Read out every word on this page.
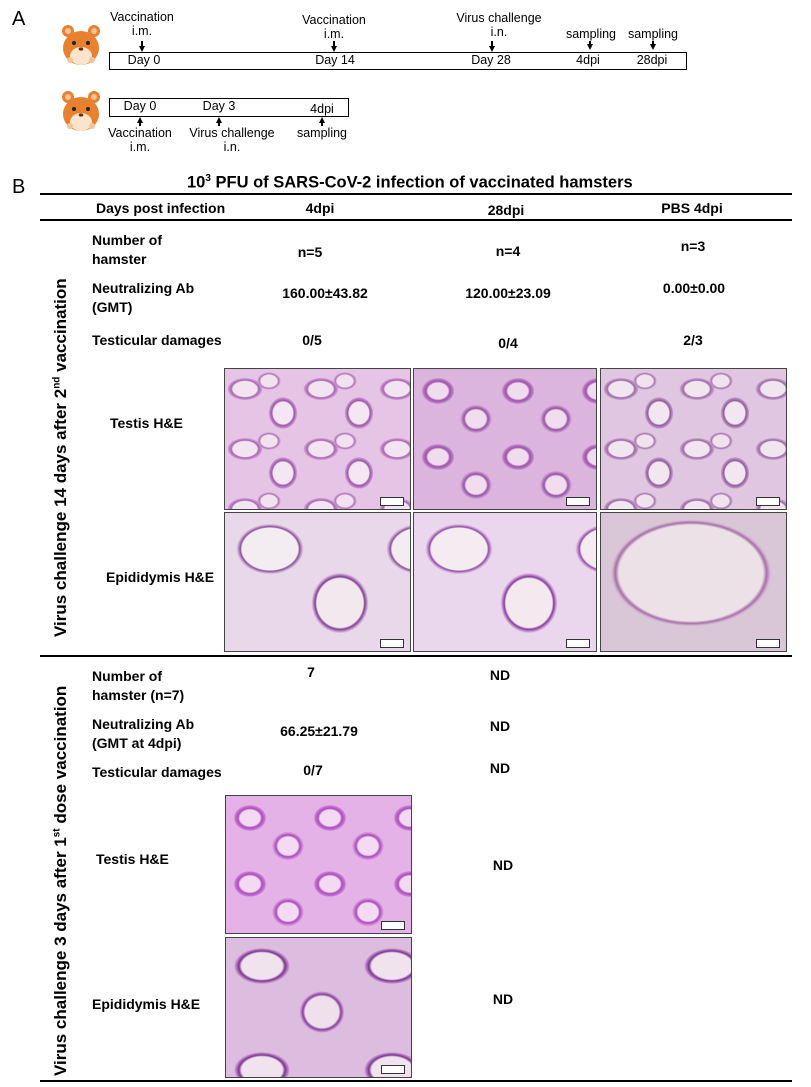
A	Vaccination
i.m.
Vaccination
i.m.
Virus challenge
i.n.	sampling sampling
Day 0	Day 14	Day 28	4dpi	28dpi
Day 0	Day 3	4dpi
Vaccination
i.m.
Virus challenge
i.n.
sampling
B	$10^3$ PFU of SARS-CoV-2 infection of vaccinated hamsters
Days post infection	4dpi	28dpi	PBS 4dpi
Virus challenge 14 days after 2nd vaccination
Number of
hamster	n=5	n=4	n=3
Neutralizing Ab
(GMT)
160.00±43.82	120.00±23.09	0.00±0.00
Testicular damages	0/5	0/4	2/3
Testis H&E
Epididymis H&E
Virus challenge 3 days after 1st dose vaccination
Number of
hamster (n=7)
7	ND
Neutralizing Ab
(GMT at 4dpi)
66.25±21.79	ND
Testicular damages	0/7	ND
Testis H&E	ND
Epididymis H&E	ND
